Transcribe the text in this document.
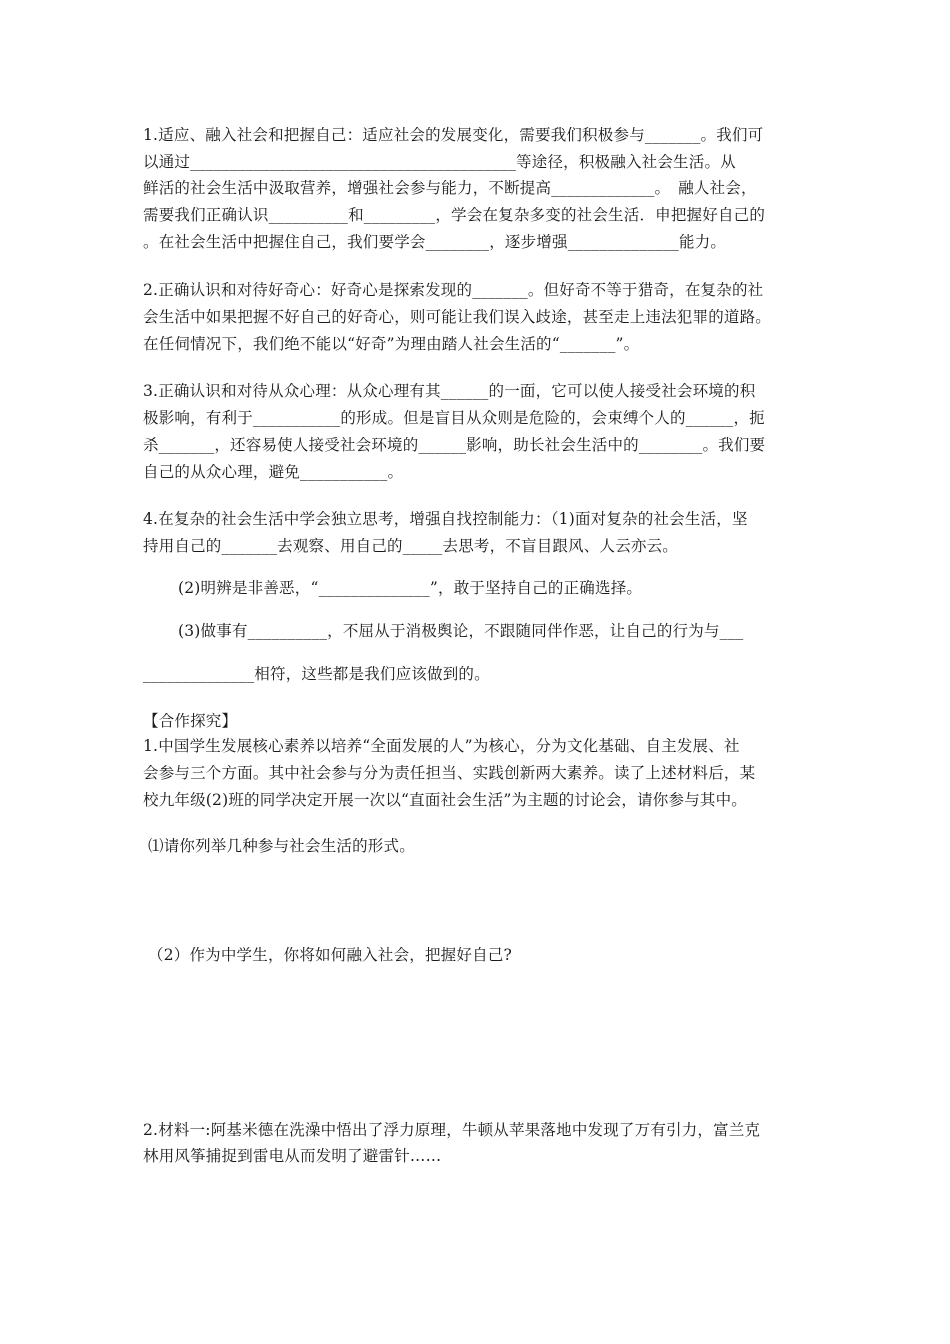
1.适应、融入社会和把握自己：适应社会的发展变化，需要我们积极参与_______。我们可
以通过_________________________________________等途径，积极融入社会生活。从
鲜活的社会生活中汲取营养，增强社会参与能力，不断提高_____________。　融人社会，
需要我们正确认识__________和_________，学会在复杂多变的社会生活．申把握好自己的
。在社会生活中把握住自己，我们要学会________，逐步增强______________能力。
2.正确认识和对待好奇心：好奇心是探索发现的_______。但好奇不等于猎奇，在复杂的社
会生活中如果把握不好自己的好奇心，则可能让我们误入歧途，甚至走上违法犯罪的道路。
在任伺情况下，我们绝不能以“好奇”为理由踏人社会生活的“_______”。
3.正确认识和对待从众心理：从众心理有其______的一面，它可以使人接受社会环境的积
极影响，有利于___________的形成。但是盲目从众则是危险的，会束缚个人的______，扼
杀_______，还容易使人接受社会环境的______影响，助长社会生活中的________。我们要
自己的从众心理，避免___________。
4.在复杂的社会生活中学会独立思考，增强自找控制能力：（1)面对复杂的社会生活，坚
持用自己的_______去观察、用自己的_____去思考，不盲目跟风、人云亦云。
(2)明辨是非善恶，“______________”，敢于坚持自己的正确选择。
(3)做事有__________，不屈从于消极舆论，不跟随同伴作恶，让自己的行为与___
______________相符，这些都是我们应该做到的。
【合作探究】
1.中国学生发展核心素养以培养“全面发展的人”为核心，分为文化基础、自主发展、社
会参与三个方面。其中社会参与分为责任担当、实践创新两大素养。读了上述材料后，某
校九年级(2)班的同学决定开展一次以“直面社会生活”为主题的讨论会，请你参与其中。
⑴请你列举几种参与社会生活的形式。
（2）作为中学生，你将如何融入社会，把握好自己?
2.材料一:阿基米德在洗澡中悟出了浮力原理，牛顿从苹果落地中发现了万有引力，富兰克
林用风筝捕捉到雷电从而发明了避雷针……
